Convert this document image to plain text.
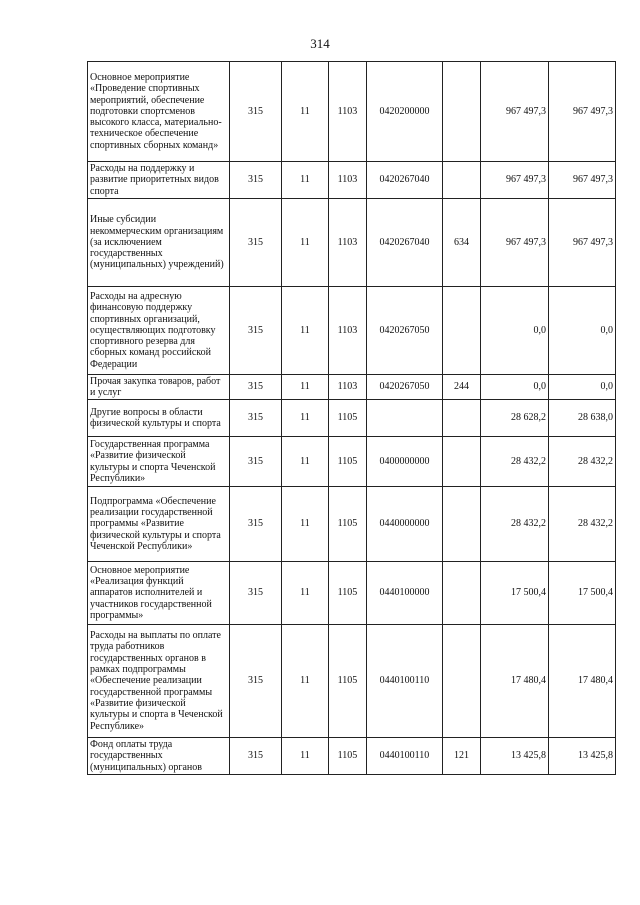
314
Основное мероприятие «Проведение спортивных мероприятий, обеспечение подготовки спортсменов высокого класса, материально-техническое обеспечение спортивных сборных команд»	315	11	1103	0420200000		967 497,3	967 497,3
Расходы на поддержку и развитие приоритетных видов спорта	315	11	1103	0420267040		967 497,3	967 497,3
Иные субсидии некоммерческим организациям (за исключением государственных (муниципальных) учреждений)	315	11	1103	0420267040	634	967 497,3	967 497,3
Расходы на адресную финансовую поддержку спортивных организаций, осуществляющих подготовку спортивного резерва для сборных команд российской Федерации	315	11	1103	0420267050		0,0	0,0
Прочая закупка товаров, работ и услуг	315	11	1103	0420267050	244	0,0	0,0
Другие вопросы в области физической культуры и спорта	315	11	1105			28 628,2	28 638,0
Государственная программа «Развитие физической культуры и спорта Чеченской Республики»	315	11	1105	0400000000		28 432,2	28 432,2
Подпрограмма «Обеспечение реализации государственной программы «Развитие физической культуры и спорта Чеченской Республики»	315	11	1105	0440000000		28 432,2	28 432,2
Основное мероприятие «Реализация функций аппаратов исполнителей и участников государственной программы»	315	11	1105	0440100000		17 500,4	17 500,4
Расходы на выплаты по оплате труда работников государственных органов в рамках подпрограммы «Обеспечение реализации государственной программы «Развитие физической культуры и спорта в Чеченской Республике»	315	11	1105	0440100110		17 480,4	17 480,4
Фонд оплаты труда государственных (муниципальных) органов	315	11	1105	0440100110	121	13 425,8	13 425,8
